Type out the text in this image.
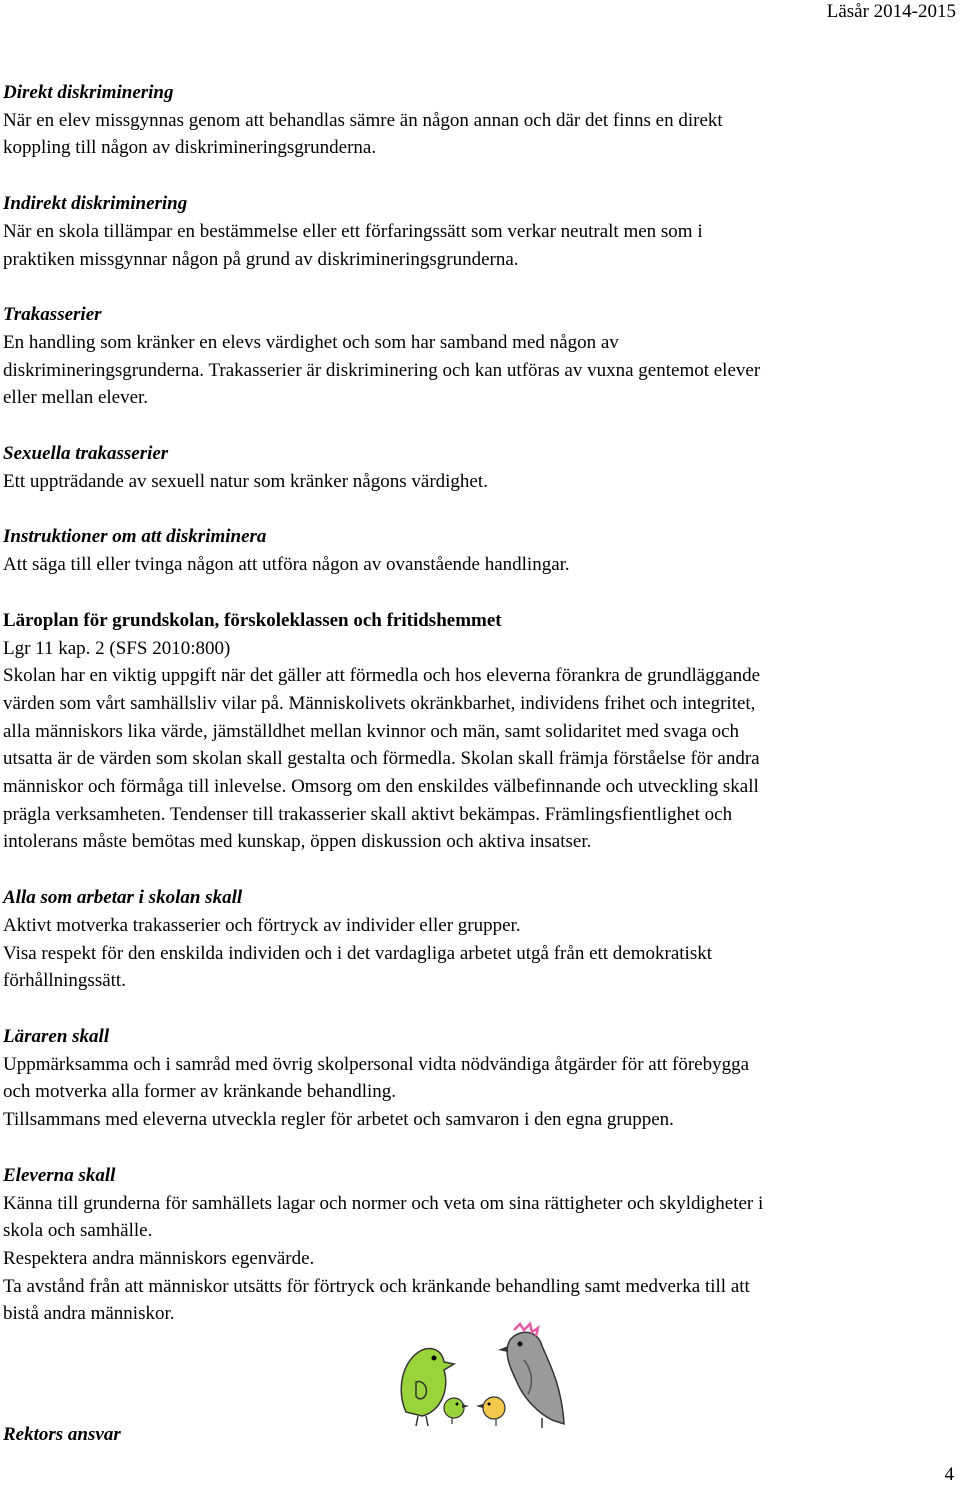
Läsår 2014-2015
Direkt diskriminering
När en elev missgynnas genom att behandlas sämre än någon annan och där det finns en direkt
koppling till någon av diskrimineringsgrunderna.
Indirekt diskriminering
När en skola tillämpar en bestämmelse eller ett förfaringssätt som verkar neutralt men som i
praktiken missgynnar någon på grund av diskrimineringsgrunderna.
Trakasserier
En handling som kränker en elevs värdighet och som har samband med någon av
diskrimineringsgrunderna. Trakasserier är diskriminering och kan utföras av vuxna gentemot elever
eller mellan elever.
Sexuella trakasserier
Ett uppträdande av sexuell natur som kränker någons värdighet.
Instruktioner om att diskriminera
Att säga till eller tvinga någon att utföra någon av ovanstående handlingar.
Läroplan för grundskolan, förskoleklassen och fritidshemmet
Lgr 11 kap. 2 (SFS 2010:800)
Skolan har en viktig uppgift när det gäller att förmedla och hos eleverna förankra de grundläggande
värden som vårt samhällsliv vilar på. Människolivets okränkbarhet, individens frihet och integritet,
alla människors lika värde, jämställdhet mellan kvinnor och män, samt solidaritet med svaga och
utsatta är de värden som skolan skall gestalta och förmedla. Skolan skall främja förståelse för andra
människor och förmåga till inlevelse. Omsorg om den enskildes välbefinnande och utveckling skall
prägla verksamheten. Tendenser till trakasserier skall aktivt bekämpas. Främlingsfientlighet och
intolerans måste bemötas med kunskap, öppen diskussion och aktiva insatser.
Alla som arbetar i skolan skall
Aktivt motverka trakasserier och förtryck av individer eller grupper.
Visa respekt för den enskilda individen och i det vardagliga arbetet utgå från ett demokratiskt
förhållningssätt.
Läraren skall
Uppmärksamma och i samråd med övrig skolpersonal vidta nödvändiga åtgärder för att förebygga
och motverka alla former av kränkande behandling.
Tillsammans med eleverna utveckla regler för arbetet och samvaron i den egna gruppen.
Eleverna skall
Känna till grunderna för samhällets lagar och normer och veta om sina rättigheter och skyldigheter i
skola och samhälle.
Respektera andra människors egenvärde.
Ta avstånd från att människor utsätts för förtryck och kränkande behandling samt medverka till att
bistå andra människor.
Rektors ansvar
4
